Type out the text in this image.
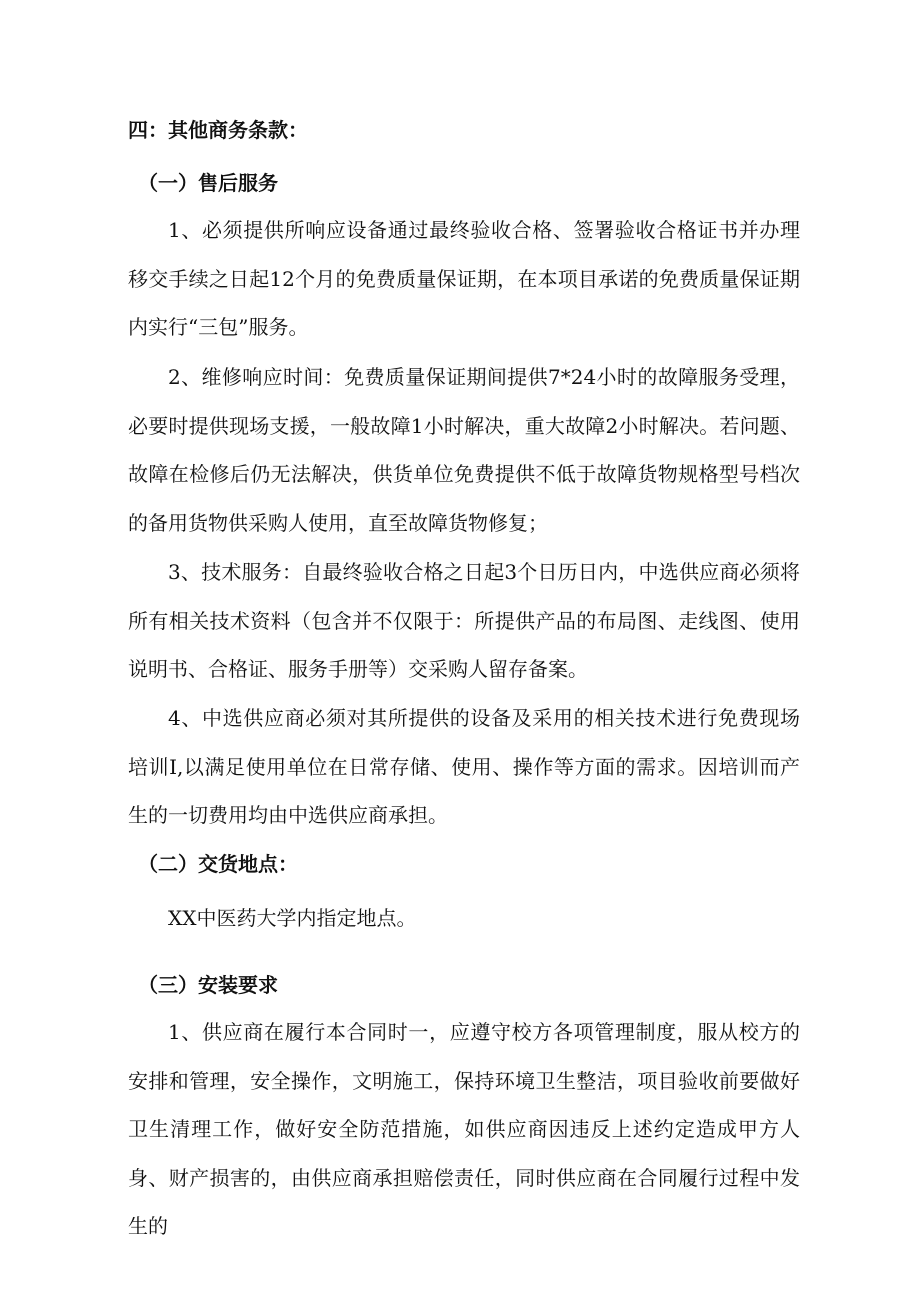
四：其他商务条款：
（一）售后服务
1、必须提供所响应设备通过最终验收合格、签署验收合格证书并办理移交手续之日起12个月的免费质量保证期，在本项目承诺的免费质量保证期内实行“三包”服务。
2、维修响应时间：免费质量保证期间提供7*24小时的故障服务受理，必要时提供现场支援，一般故障1小时解决，重大故障2小时解决。若问题、故障在检修后仍无法解决，供货单位免费提供不低于故障货物规格型号档次的备用货物供采购人使用，直至故障货物修复；
3、技术服务：自最终验收合格之日起3个日历日内，中选供应商必须将所有相关技术资料（包含并不仅限于：所提供产品的布局图、走线图、使用说明书、合格证、服务手册等）交采购人留存备案。
4、中选供应商必须对其所提供的设备及采用的相关技术进行免费现场培训I,以满足使用单位在日常存储、使用、操作等方面的需求。因培训而产生的一切费用均由中选供应商承担。
（二）交货地点：
XX中医药大学内指定地点。
（三）安装要求
1、供应商在履行本合同时一，应遵守校方各项管理制度，服从校方的安排和管理，安全操作，文明施工，保持环境卫生整洁，项目验收前要做好卫生清理工作，做好安全防范措施，如供应商因违反上述约定造成甲方人身、财产损害的，由供应商承担赔偿责任，同时供应商在合同履行过程中发生的
